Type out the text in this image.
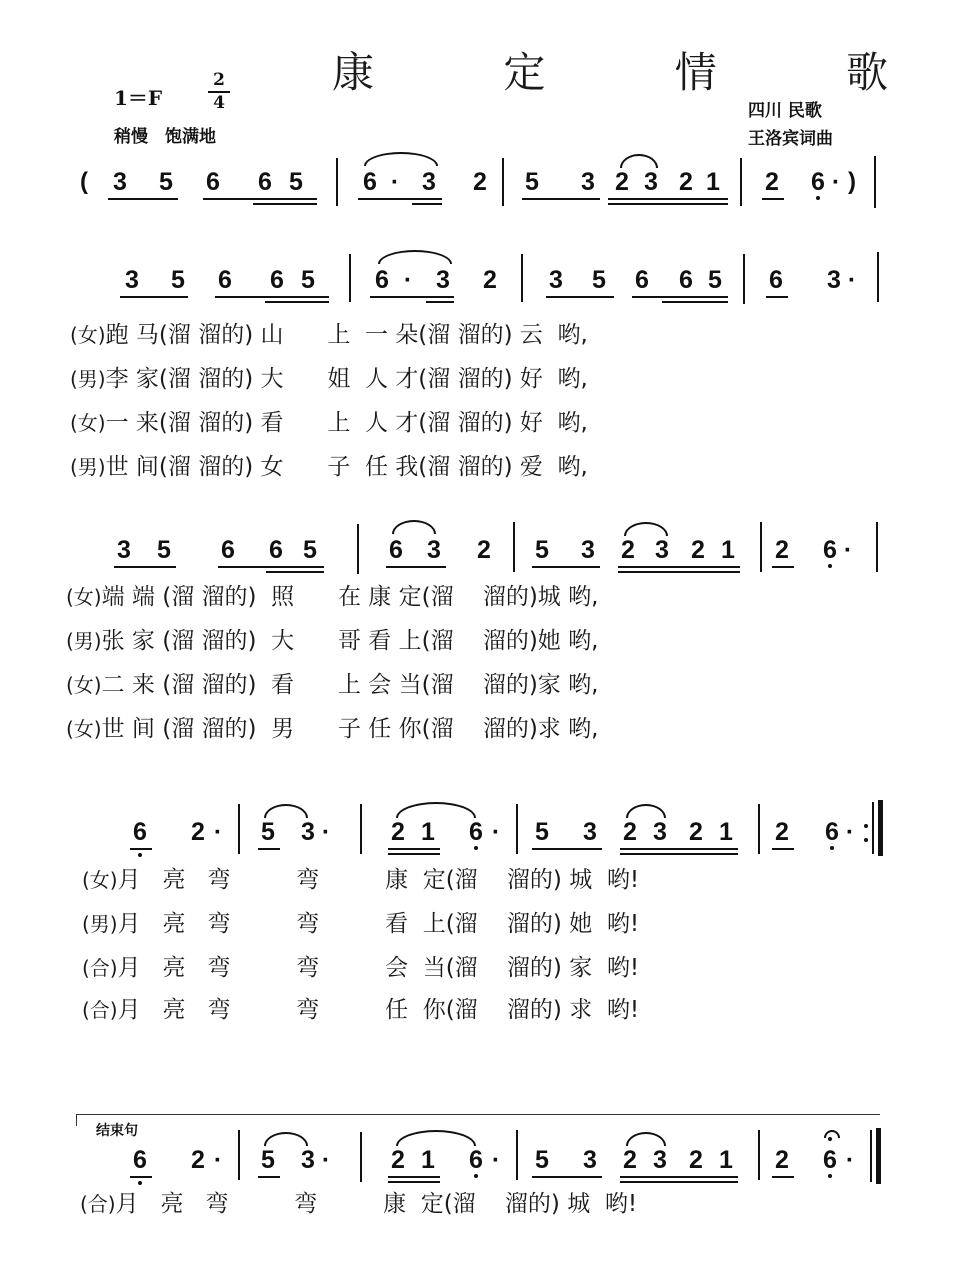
康 定 情 歌
1＝F	$\frac{2}{4}$
稍慢　饱满地
四川 民歌
王洛宾词曲
( 3 5 6 6 5 6 · 3 2 5 3 2 3 2 1 2 6 · )
3 5 6 6 5 6 · 3 2 3 5 6 6 5 6 3 ·
(女)跑 马(溜 溜的) 山      上  一 朵(溜 溜的) 云  哟,
(男)李 家(溜 溜的) 大      姐  人 才(溜 溜的) 好  哟,
(女)一 来(溜 溜的) 看      上  人 才(溜 溜的) 好  哟,
(男)世 间(溜 溜的) 女      子  任 我(溜 溜的) 爱  哟,
3 5 6 6 5	6 3 2 5 3 2 3 2 1 2 6 ·
(女)端 端 (溜 溜的)  照      在 康 定(溜    溜的)城 哟,
(男)张 家 (溜 溜的)  大      哥 看 上(溜    溜的)她 哟,
(女)二 来 (溜 溜的)  看      上 会 当(溜    溜的)家 哟,
(女)世 间 (溜 溜的)  男      子 任 你(溜    溜的)求 哟,
6 2 · 5 3 · 2 1 6 · 5 3 2 3 2 1 2 6 ·
(女)月   亮   弯         弯         康  定(溜    溜的) 城  哟!
(男)月   亮   弯         弯         看  上(溜    溜的) 她  哟!
(合)月   亮   弯         弯         会  当(溜    溜的) 家  哟!
(合)月   亮   弯         弯         任  你(溜    溜的) 求  哟!
结束句
6 2 · 5 3 · 2 1 6 · 5 3 2 3 2 1 2 6 ·
(合)月   亮   弯         弯         康  定(溜    溜的) 城  哟!
